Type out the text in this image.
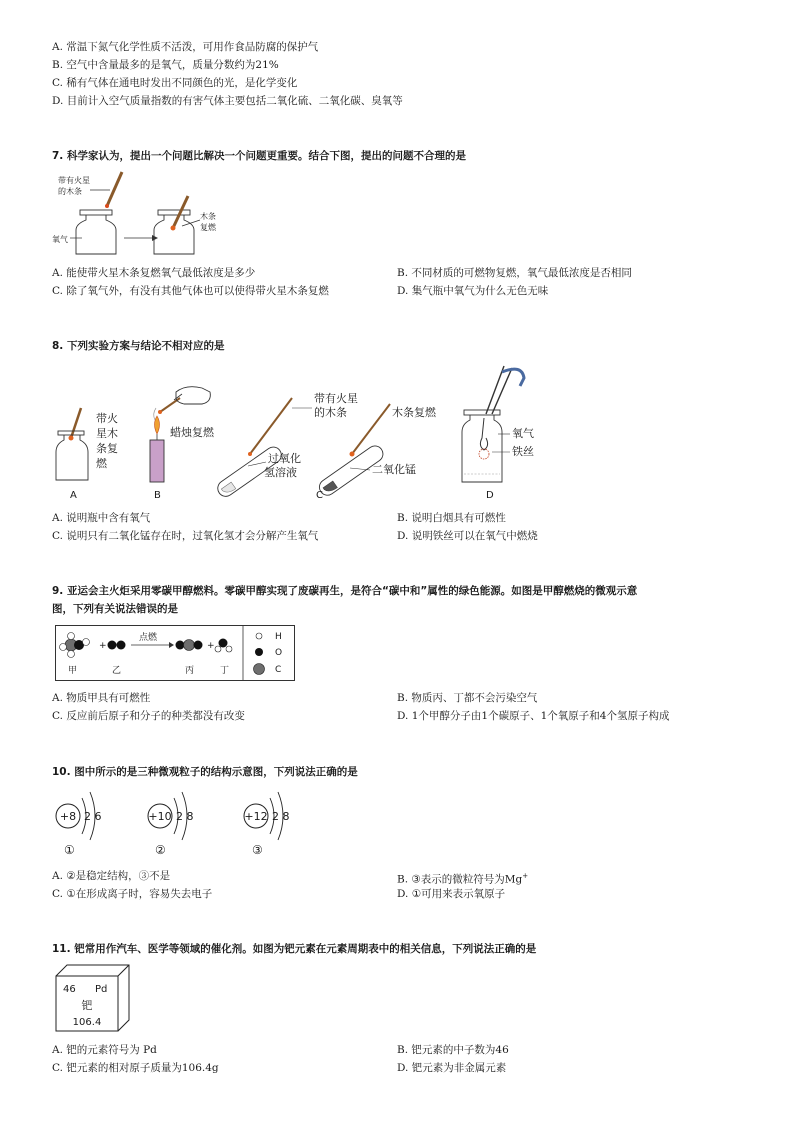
A. 常温下氮气化学性质不活泼，可用作食品防腐的保护气
B. 空气中含量最多的是氧气，质量分数约为21%
C. 稀有气体在通电时发出不同颜色的光，是化学变化
D. 目前计入空气质量指数的有害气体主要包括二氧化硫、二氧化碳、臭氧等
7. 科学家认为，提出一个问题比解决一个问题更重要。结合下图，提出的问题不合理的是
带有火星
的木条
氧气
木条
复燃
A. 能使带火星木条复燃氧气最低浓度是多少	B. 不同材质的可燃物复燃，氧气最低浓度是否相同
C. 除了氧气外，有没有其他气体也可以使得带火星木条复燃	D. 集气瓶中氧气为什么无色无味
8. 下列实验方案与结论不相对应的是
带火
星木
条复
燃
A
蜡烛复燃
B
带有火星
的木条
过氧化
氢溶液
木条复燃
二氧化锰
C
氧气
铁丝
D
A. 说明瓶中含有氧气	B. 说明白烟具有可燃性
C. 说明只有二氧化锰存在时，过氧化氢才会分解产生氧气	D. 说明铁丝可以在氧气中燃烧
9. 亚运会主火炬采用零碳甲醇燃料。零碳甲醇实现了废碳再生，是符合“碳中和”属性的绿色能源。如图是甲醇燃烧的微观示意
图，下列有关说法错误的是
+
点燃
+
甲	乙	丙	丁
H
O
C
A. 物质甲具有可燃性	B. 物质丙、丁都不会污染空气
C. 反应前后原子和分子的种类都没有改变	D. 1个甲醇分子由1个碳原子、1个氧原子和4个氢原子构成
10. 图中所示的是三种微观粒子的结构示意图，下列说法正确的是
+8 2 6
①
+10 2 8
②
+12 2 8
③
A. ②是稳定结构，③不是	B. ③表示的微粒符号为Mg+
C. ①在形成离子时，容易失去电子	D. ①可用来表示氧原子
11. 钯常用作汽车、医学等领域的催化剂。如图为钯元素在元素周期表中的相关信息，下列说法正确的是
46 Pd
钯
106.4
A. 钯的元素符号为 Pd	B. 钯元素的中子数为46
C. 钯元素的相对原子质量为106.4g	D. 钯元素为非金属元素
